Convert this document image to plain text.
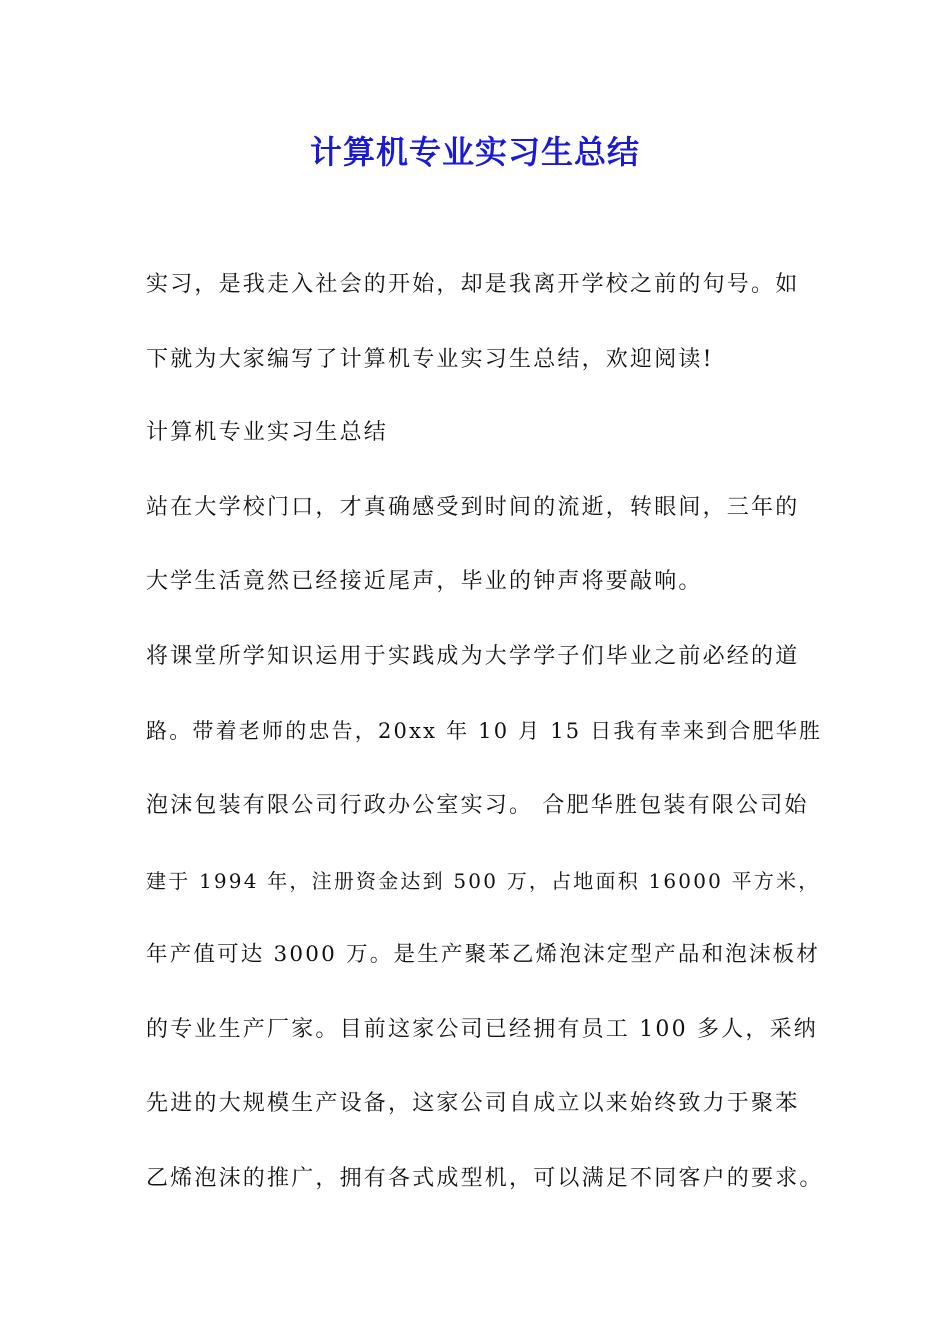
计算机专业实习生总结
实习，是我走入社会的开始，却是我离开学校之前的句号。如
下就为大家编写了计算机专业实习生总结，欢迎阅读!
计算机专业实习生总结
站在大学校门口，才真确感受到时间的流逝，转眼间，三年的
大学生活竟然已经接近尾声，毕业的钟声将要敲响。
将课堂所学知识运用于实践成为大学学子们毕业之前必经的道
路。带着老师的忠告，20xx 年 10 月 15 日我有幸来到合肥华胜
泡沫包装有限公司行政办公室实习。 合肥华胜包装有限公司始
建于 1994 年，注册资金达到 500 万，占地面积 16000 平方米，
年产值可达 3000 万。是生产聚苯乙烯泡沫定型产品和泡沫板材
的专业生产厂家。目前这家公司已经拥有员工 100 多人，采纳
先进的大规模生产设备，这家公司自成立以来始终致力于聚苯
乙烯泡沫的推广，拥有各式成型机，可以满足不同客户的要求。
